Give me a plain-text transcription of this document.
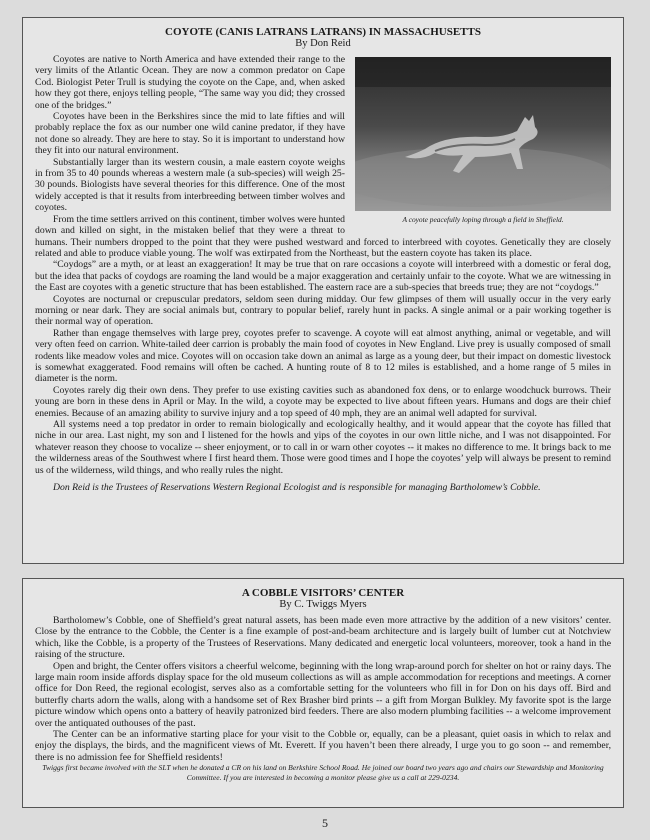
COYOTE (CANIS LATRANS LATRANS) IN MASSACHUSETTS
By Don Reid
A coyote peacefully loping through a field in Sheffield.

Coyotes are native to North America and have extended their range to the very limits of the Atlantic Ocean. They are now a common predator on Cape Cod. Biologist Peter Trull is studying the coyote on the Cape, and, when asked how they got there, enjoys telling people, “The same way you did; they crossed one of the bridges.”

Coyotes have been in the Berkshires since the mid to late fifties and will probably replace the fox as our number one wild canine predator, if they have not done so already. They are here to stay. So it is important to understand how they fit into our natural environment.

Substantially larger than its western cousin, a male eastern coyote weighs in from 35 to 40 pounds whereas a western male (a sub-species) will weigh 25-30 pounds. Biologists have several theories for this difference. One of the most widely accepted is that it results from interbreeding between timber wolves and coyotes.

From the time settlers arrived on this continent, timber wolves were hunted down and killed on sight, in the mistaken belief that they were a threat to humans. Their numbers dropped to the point that they were pushed westward and forced to interbreed with coyotes. Genetically they are closely related and able to produce viable young. The wolf was extirpated from the Northeast, but the eastern coyote has taken its place.

“Coydogs” are a myth, or at least an exaggeration! It may be true that on rare occasions a coyote will interbreed with a domestic or feral dog, but the idea that packs of coydogs are roaming the land would be a major exaggeration and certainly unfair to the coyote. What we are witnessing in the East are coyotes with a genetic structure that has been established. The eastern race are a sub-species that breeds true; they are not “coydogs.”

Coyotes are nocturnal or crepuscular predators, seldom seen during midday. Our few glimpses of them will usually occur in the very early morning or near dark. They are social animals but, contrary to popular belief, rarely hunt in packs. A single animal or a pair working together is their normal way of operation.

Rather than engage themselves with large prey, coyotes prefer to scavenge. A coyote will eat almost anything, animal or vegetable, and will very often feed on carrion. White-tailed deer carrion is probably the main food of coyotes in New England. Live prey is usually composed of small rodents like meadow voles and mice. Coyotes will on occasion take down an animal as large as a young deer, but their impact on domestic livestock is somewhat exaggerated. Food remains will often be cached. A hunting route of 8 to 12 miles is established, and a home range of 5 miles in diameter is the norm.

Coyotes rarely dig their own dens. They prefer to use existing cavities such as abandoned fox dens, or to enlarge woodchuck burrows. Their young are born in these dens in April or May. In the wild, a coyote may be expected to live about fifteen years. Humans and dogs are their chief enemies. Because of an amazing ability to survive injury and a top speed of 40 mph, they are an animal well adapted for survival.

All systems need a top predator in order to remain biologically and ecologically healthy, and it would appear that the coyote has filled that niche in our area. Last night, my son and I listened for the howls and yips of the coyotes in our own little niche, and I was not disappointed. For whatever reason they choose to vocalize -- sheer enjoyment, or to call in or warn other coyotes -- it makes no difference to me. It brings back to me the wilderness areas of the Southwest where I first heard them. Those were good times and I hope the coyotes’ yelp will always be present to remind us of the wilderness, wild things, and who really rules the night.

Don Reid is the Trustees of Reservations Western Regional Ecologist and is responsible for managing Bartholomew’s Cobble.

A COBBLE VISITORS’ CENTER
By C. Twiggs Myers

Bartholomew’s Cobble, one of Sheffield’s great natural assets, has been made even more attractive by the addition of a new visitors’ center. Close by the entrance to the Cobble, the Center is a fine example of post-and-beam architecture and is largely built of lumber cut at Notchview which, like the Cobble, is a property of the Trustees of Reservations. Many dedicated and energetic local volunteers, moreover, took a hand in the raising of the structure.

Open and bright, the Center offers visitors a cheerful welcome, beginning with the long wrap-around porch for shelter on hot or rainy days. The large main room inside affords display space for the old museum collections as will as ample accommodation for receptions and meetings. A corner office for Don Reed, the regional ecologist, serves also as a comfortable setting for the volunteers who fill in for Don on his days off. Bird and butterfly charts adorn the walls, along with a handsome set of Rex Brasher bird prints -- a gift from Morgan Bulkley. My favorite spot is the large picture window which opens onto a battery of heavily patronized bird feeders. There are also modern plumbing facilities -- a welcome improvement over the antiquated outhouses of the past.

The Center can be an informative starting place for your visit to the Cobble or, equally, can be a pleasant, quiet oasis in which to relax and enjoy the displays, the birds, and the magnificent views of Mt. Everett. If you haven’t been there already, I urge you to go soon -- and remember, there is no admission fee for Sheffield residents!

Twiggs first became involved with the SLT when he donated a CR on his land on Berkshire School Road. He joined our board two years ago and chairs our Stewardship and Monitoring Committee. If you are interested in becoming a monitor please give us a call at 229-0234.

5
